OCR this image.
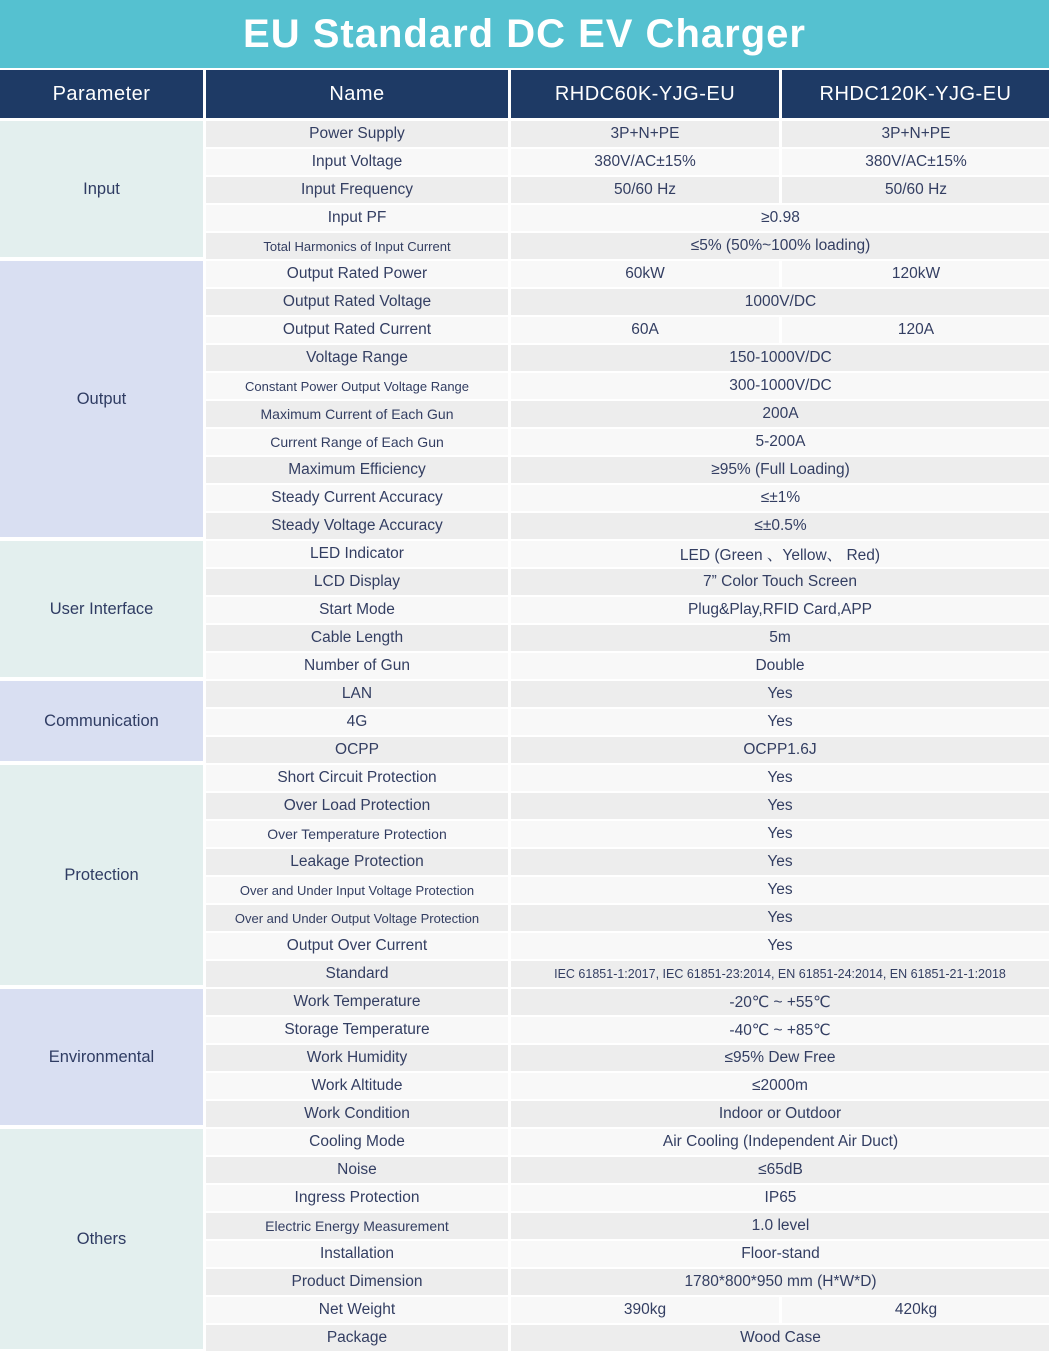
EU Standard DC EV Charger
Parameter	Name	RHDC60K-YJG-EU	RHDC120K-YJG-EU
Input
Power Supply	3P+N+PE	3P+N+PE
Input Voltage	380V/AC±15%	380V/AC±15%
Input Frequency	50/60 Hz	50/60 Hz
Input PF	≥0.98
Total Harmonics of Input Current	≤5% (50%~100% loading)
Output
Output Rated Power	60kW	120kW
Output Rated Voltage	1000V/DC
Output Rated Current	60A	120A
Voltage Range	150-1000V/DC
Constant Power Output Voltage Range	300-1000V/DC
Maximum Current of Each Gun	200A
Current Range of Each Gun	5-200A
Maximum Efficiency	≥95% (Full Loading)
Steady Current Accuracy	≤±1%
Steady Voltage Accuracy	≤±0.5%
User Interface
LED Indicator	LED (Green 、Yellow、 Red)
LCD Display	7” Color Touch Screen
Start Mode	Plug&Play,RFID Card,APP
Cable Length	5m
Number of Gun	Double
Communication
LAN	Yes
4G	Yes
OCPP	OCPP1.6J
Protection
Short Circuit Protection	Yes
Over Load Protection	Yes
Over Temperature Protection	Yes
Leakage Protection	Yes
Over and Under Input Voltage Protection	Yes
Over and Under Output Voltage Protection	Yes
Output Over Current	Yes
Standard	IEC 61851-1:2017, IEC 61851-23:2014, EN 61851-24:2014, EN 61851-21-1:2018
Environmental
Work Temperature	-20℃ ~ +55℃
Storage Temperature	-40℃ ~ +85℃
Work Humidity	≤95% Dew Free
Work Altitude	≤2000m
Work Condition	Indoor or Outdoor
Others
Cooling Mode	Air Cooling (Independent Air Duct)
Noise	≤65dB
Ingress Protection	IP65
Electric Energy Measurement	1.0 level
Installation	Floor-stand
Product Dimension	1780*800*950 mm (H*W*D)
Net Weight	390kg	420kg
Package	Wood Case
